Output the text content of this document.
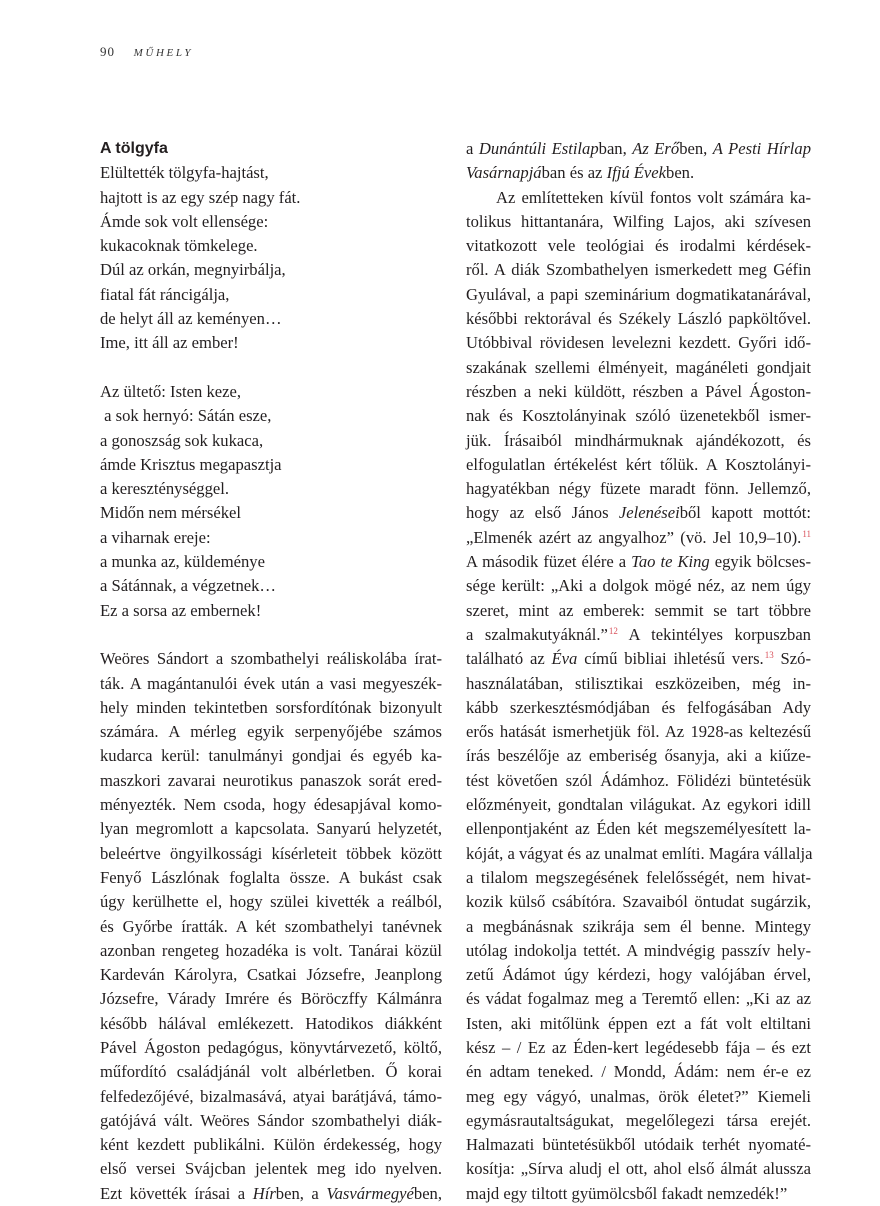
90 MŰHELY
A tölgyfa
Elültették tölgyfa-hajtást,
hajtott is az egy szép nagy fát.
Ámde sok volt ellensége:
kukacoknak tömkelege.
Dúl az orkán, megnyirbálja,
fiatal fát ráncigálja,
de helyt áll az keményen…
Ime, itt áll az ember!
Az ültető: Isten keze,
a sok hernyó: Sátán esze,
a gonoszság sok kukaca,
ámde Krisztus megapasztja
a kereszténységgel.
Midőn nem mérsékel
a viharnak ereje:
a munka az, küldeménye
a Sátánnak, a végzetnek…
Ez a sorsa az embernek!
Weöres Sándort a szombathelyi reáliskolába írat-
ták. A magántanulói évek után a vasi megyeszék-
hely minden tekintetben sorsfordítónak bizonyult
számára. A mérleg egyik serpenyőjébe számos
kudarca kerül: tanulmányi gondjai és egyéb ka-
maszkori zavarai neurotikus panaszok sorát ered-
ményezték. Nem csoda, hogy édesapjával komo-
lyan megromlott a kapcsolata. Sanyarú helyzetét,
beleértve öngyilkossági kísérleteit többek között
Fenyő Lászlónak foglalta össze. A bukást csak
úgy kerülhette el, hogy szülei kivették a reálból,
és Győrbe íratták. A két szombathelyi tanévnek
azonban rengeteg hozadéka is volt. Tanárai közül
Kardeván Károlyra, Csatkai Józsefre, Jeanplong
Józsefre, Várady Imrére és Böröczffy Kálmánra
később hálával emlékezett. Hatodikos diákként
Pável Ágoston pedagógus, könyvtárvezető, költő,
műfordító családjánál volt albérletben. Ő korai
felfedezőjévé, bizalmasává, atyai barátjává, támo-
gatójává vált. Weöres Sándor szombathelyi diák-
ként kezdett publikálni. Külön érdekesség, hogy
első versei Svájcban jelentek meg ido nyelven.
Ezt követték írásai a Hírben, a Vasvármegyében,
a Dunántúli Estilapban, Az Erőben, A Pesti Hírlap
Vasárnapjában és az Ifjú Években.
Az említetteken kívül fontos volt számára ka-
tolikus hittantanára, Wilfing Lajos, aki szívesen
vitatkozott vele teológiai és irodalmi kérdések-
ről. A diák Szombathelyen ismerkedett meg Géfin
Gyulával, a papi szeminárium dogmatikatanárával,
későbbi rektorával és Székely László papköltővel.
Utóbbival rövidesen levelezni kezdett. Győri idő-
szakának szellemi élményeit, magánéleti gondjait
részben a neki küldött, részben a Pável Ágoston-
nak és Kosztolányinak szóló üzenetekből ismer-
jük. Írásaiból mindhármuknak ajándékozott, és
elfogulatlan értékelést kért tőlük. A Kosztolányi-
hagyatékban négy füzete maradt fönn. Jellemző,
hogy az első János Jelenéseiből kapott mottót:
„Elmenék azért az angyalhoz” (vö. Jel 10,9–10).$^{11}$
A második füzet élére a Tao te King egyik bölcses-
sége került: „Aki a dolgok mögé néz, az nem úgy
szeret, mint az emberek: semmit se tart többre
a szalmakutyáknál.”$^{12}$ A tekintélyes korpuszban
található az Éva című bibliai ihletésű vers.$^{13}$ Szó-
használatában, stilisztikai eszközeiben, még in-
kább szerkesztésmódjában és felfogásában Ady
erős hatását ismerhetjük föl. Az 1928-as keltezésű
írás beszélője az emberiség ősanyja, aki a kiűze-
tést követően szól Ádámhoz. Fölidézi büntetésük
előzményeit, gondtalan világukat. Az egykori idill
ellenpontjaként az Éden két megszemélyesített la-
kóját, a vágyat és az unalmat említi. Magára vállalja
a tilalom megszegésének felelősségét, nem hivat-
kozik külső csábítóra. Szavaiból öntudat sugárzik,
a megbánásnak szikrája sem él benne. Mintegy
utólag indokolja tettét. A mindvégig passzív hely-
zetű Ádámot úgy kérdezi, hogy valójában érvel,
és vádat fogalmaz meg a Teremtő ellen: „Ki az az
Isten, aki mitőlünk éppen ezt a fát volt eltiltani
kész – / Ez az Éden-kert legédesebb fája – és ezt
én adtam teneked. / Mondd, Ádám: nem ér-e ez
meg egy vágyó, unalmas, örök életet?” Kiemeli
egymásrautaltságukat, megelőlegezi társa erejét.
Halmazati büntetésükből utódaik terhét nyomaté-
kosítja: „Sírva aludj el ott, ahol első álmát alussza
majd egy tiltott gyümölcsből fakadt nemzedék!”
